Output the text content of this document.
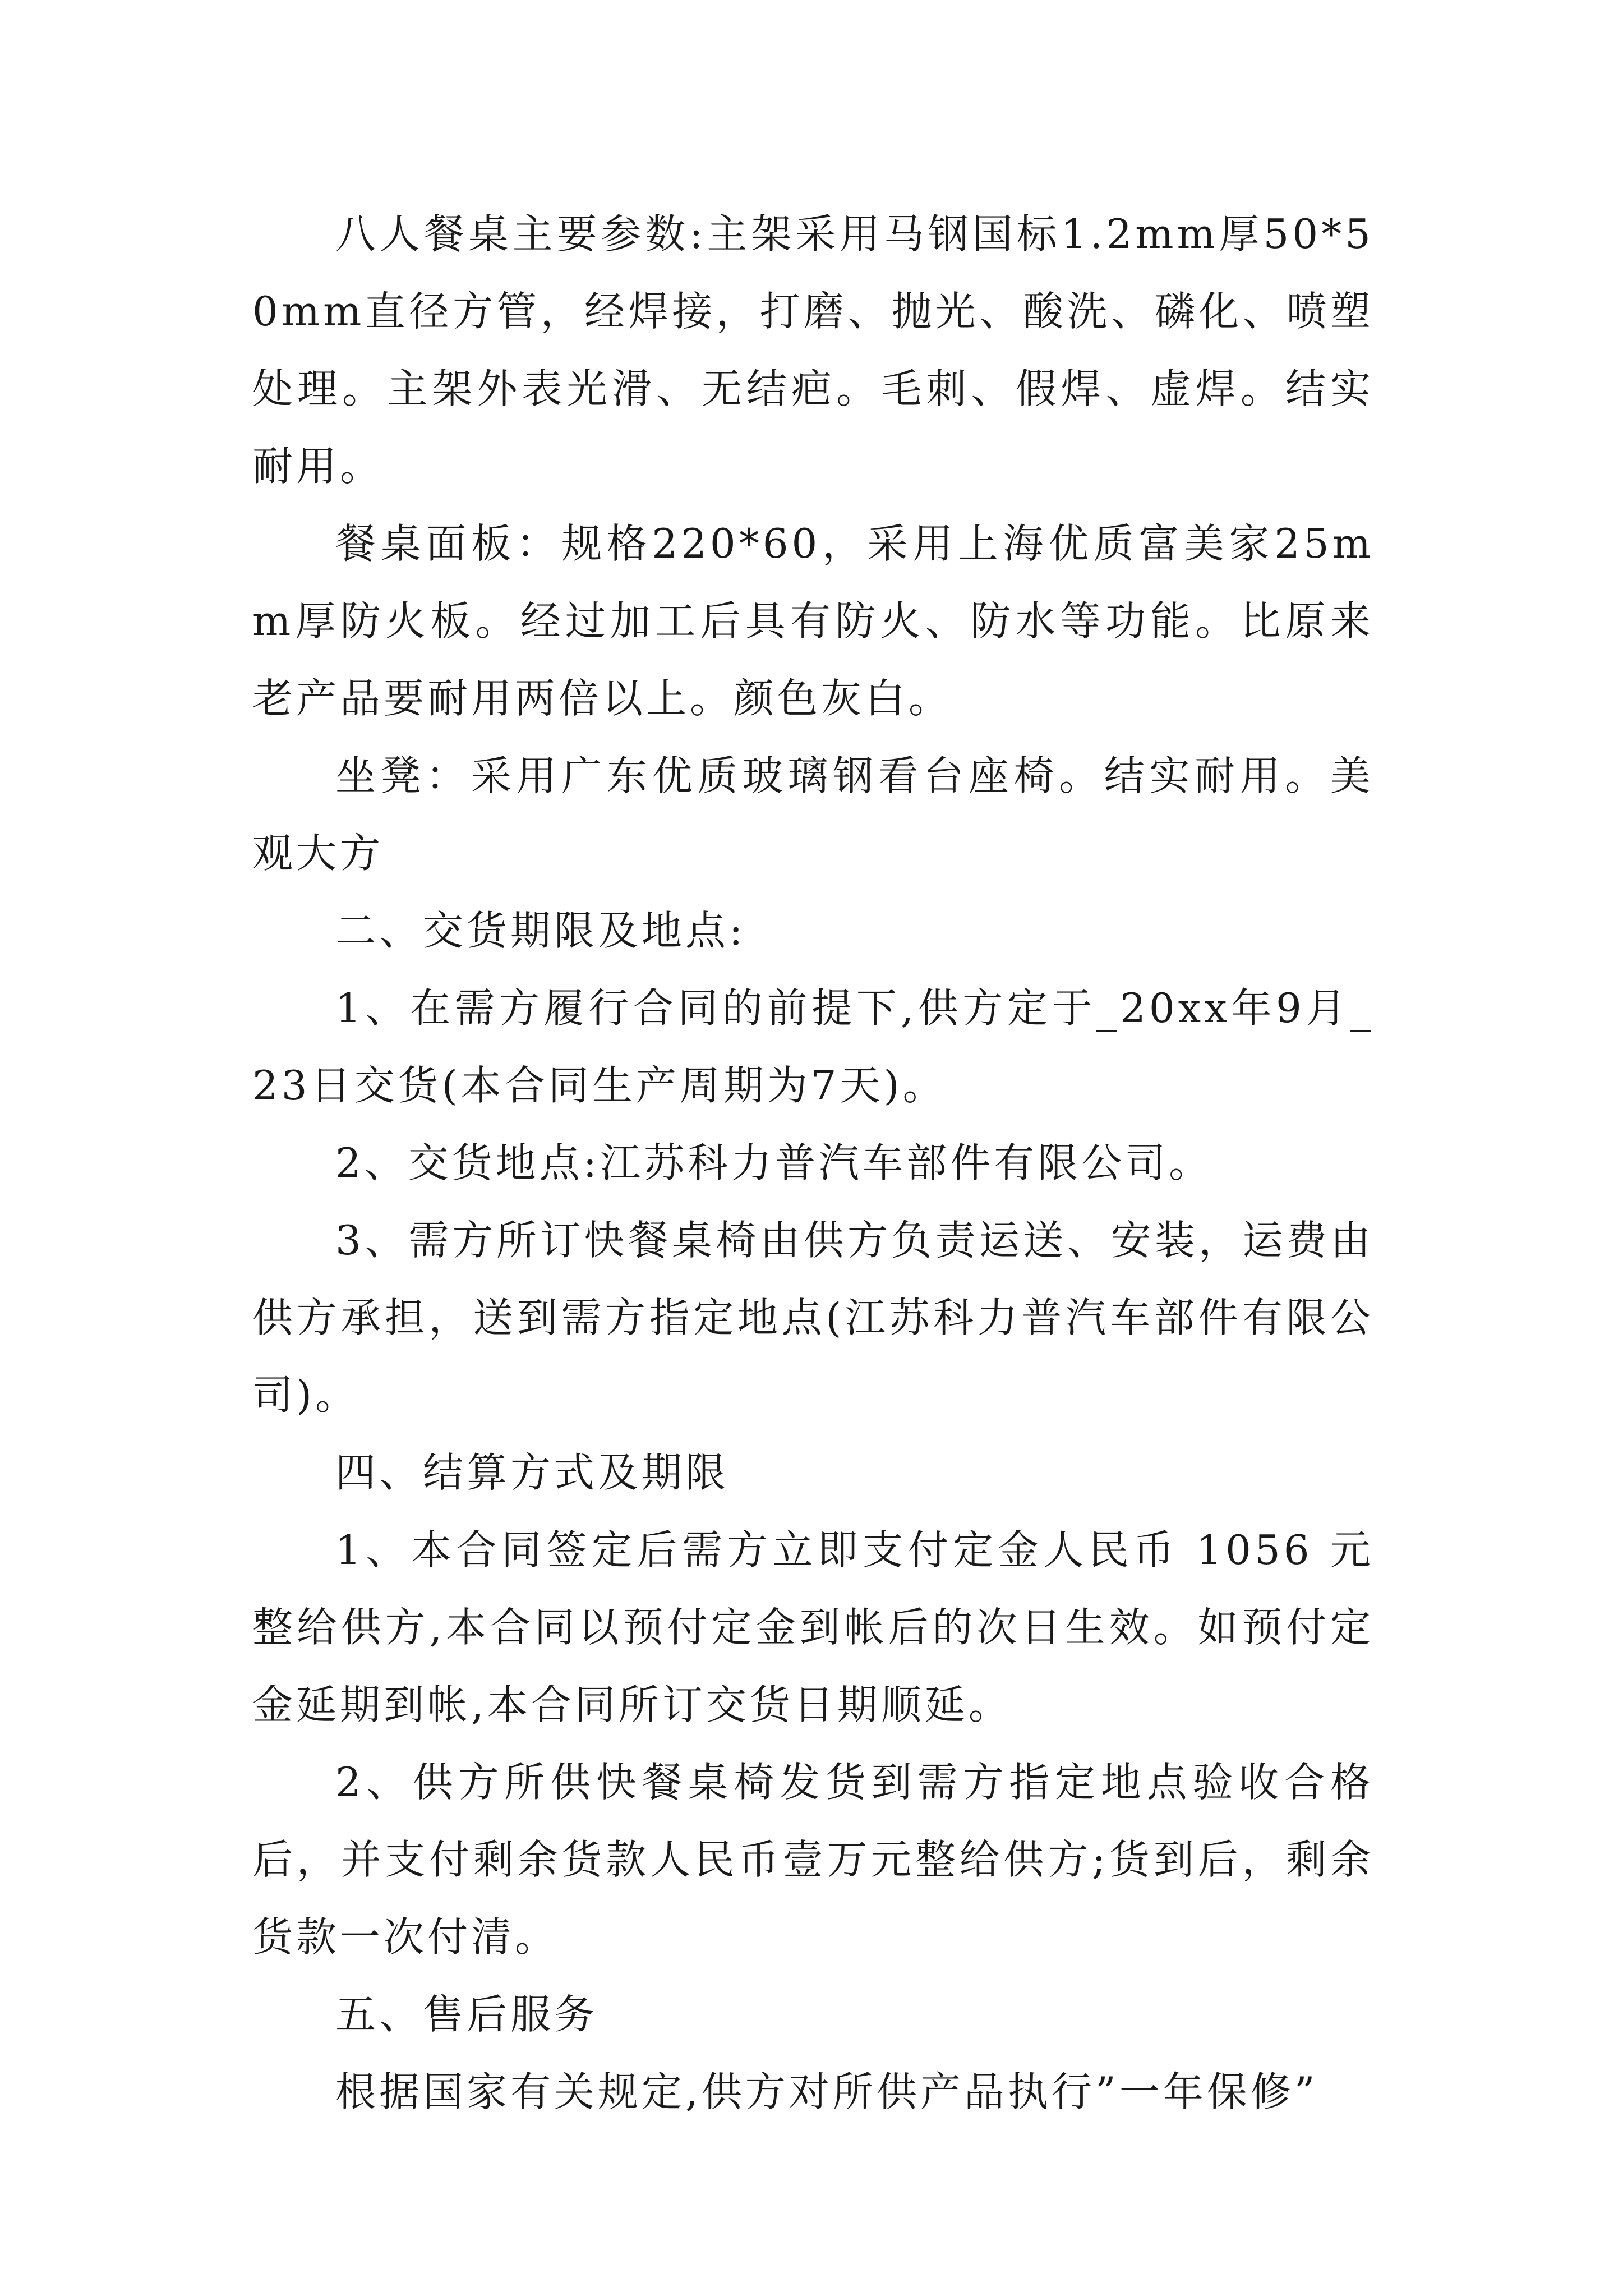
八人餐桌主要参数:主架采用马钢国标1.2mm厚50*50mm直径方管，经焊接，打磨、抛光、酸洗、磷化、喷塑处理。主架外表光滑、无结疤。毛刺、假焊、虚焊。结实耐用。

餐桌面板：规格220*60，采用上海优质富美家25mm厚防火板。经过加工后具有防火、防水等功能。比原来老产品要耐用两倍以上。颜色灰白。

坐凳：采用广东优质玻璃钢看台座椅。结实耐用。美观大方

二、交货期限及地点:

1、在需方履行合同的前提下,供方定于_20xx年9月_23日交货(本合同生产周期为7天)。

2、交货地点:江苏科力普汽车部件有限公司。

3、需方所订快餐桌椅由供方负责运送、安装，运费由供方承担，送到需方指定地点(江苏科力普汽车部件有限公司)。

四、结算方式及期限

1、本合同签定后需方立即支付定金人民币 1056 元整给供方,本合同以预付定金到帐后的次日生效。如预付定金延期到帐,本合同所订交货日期顺延。

2、供方所供快餐桌椅发货到需方指定地点验收合格后，并支付剩余货款人民币壹万元整给供方;货到后，剩余货款一次付清。

五、售后服务

根据国家有关规定,供方对所供产品执行”一年保修”
